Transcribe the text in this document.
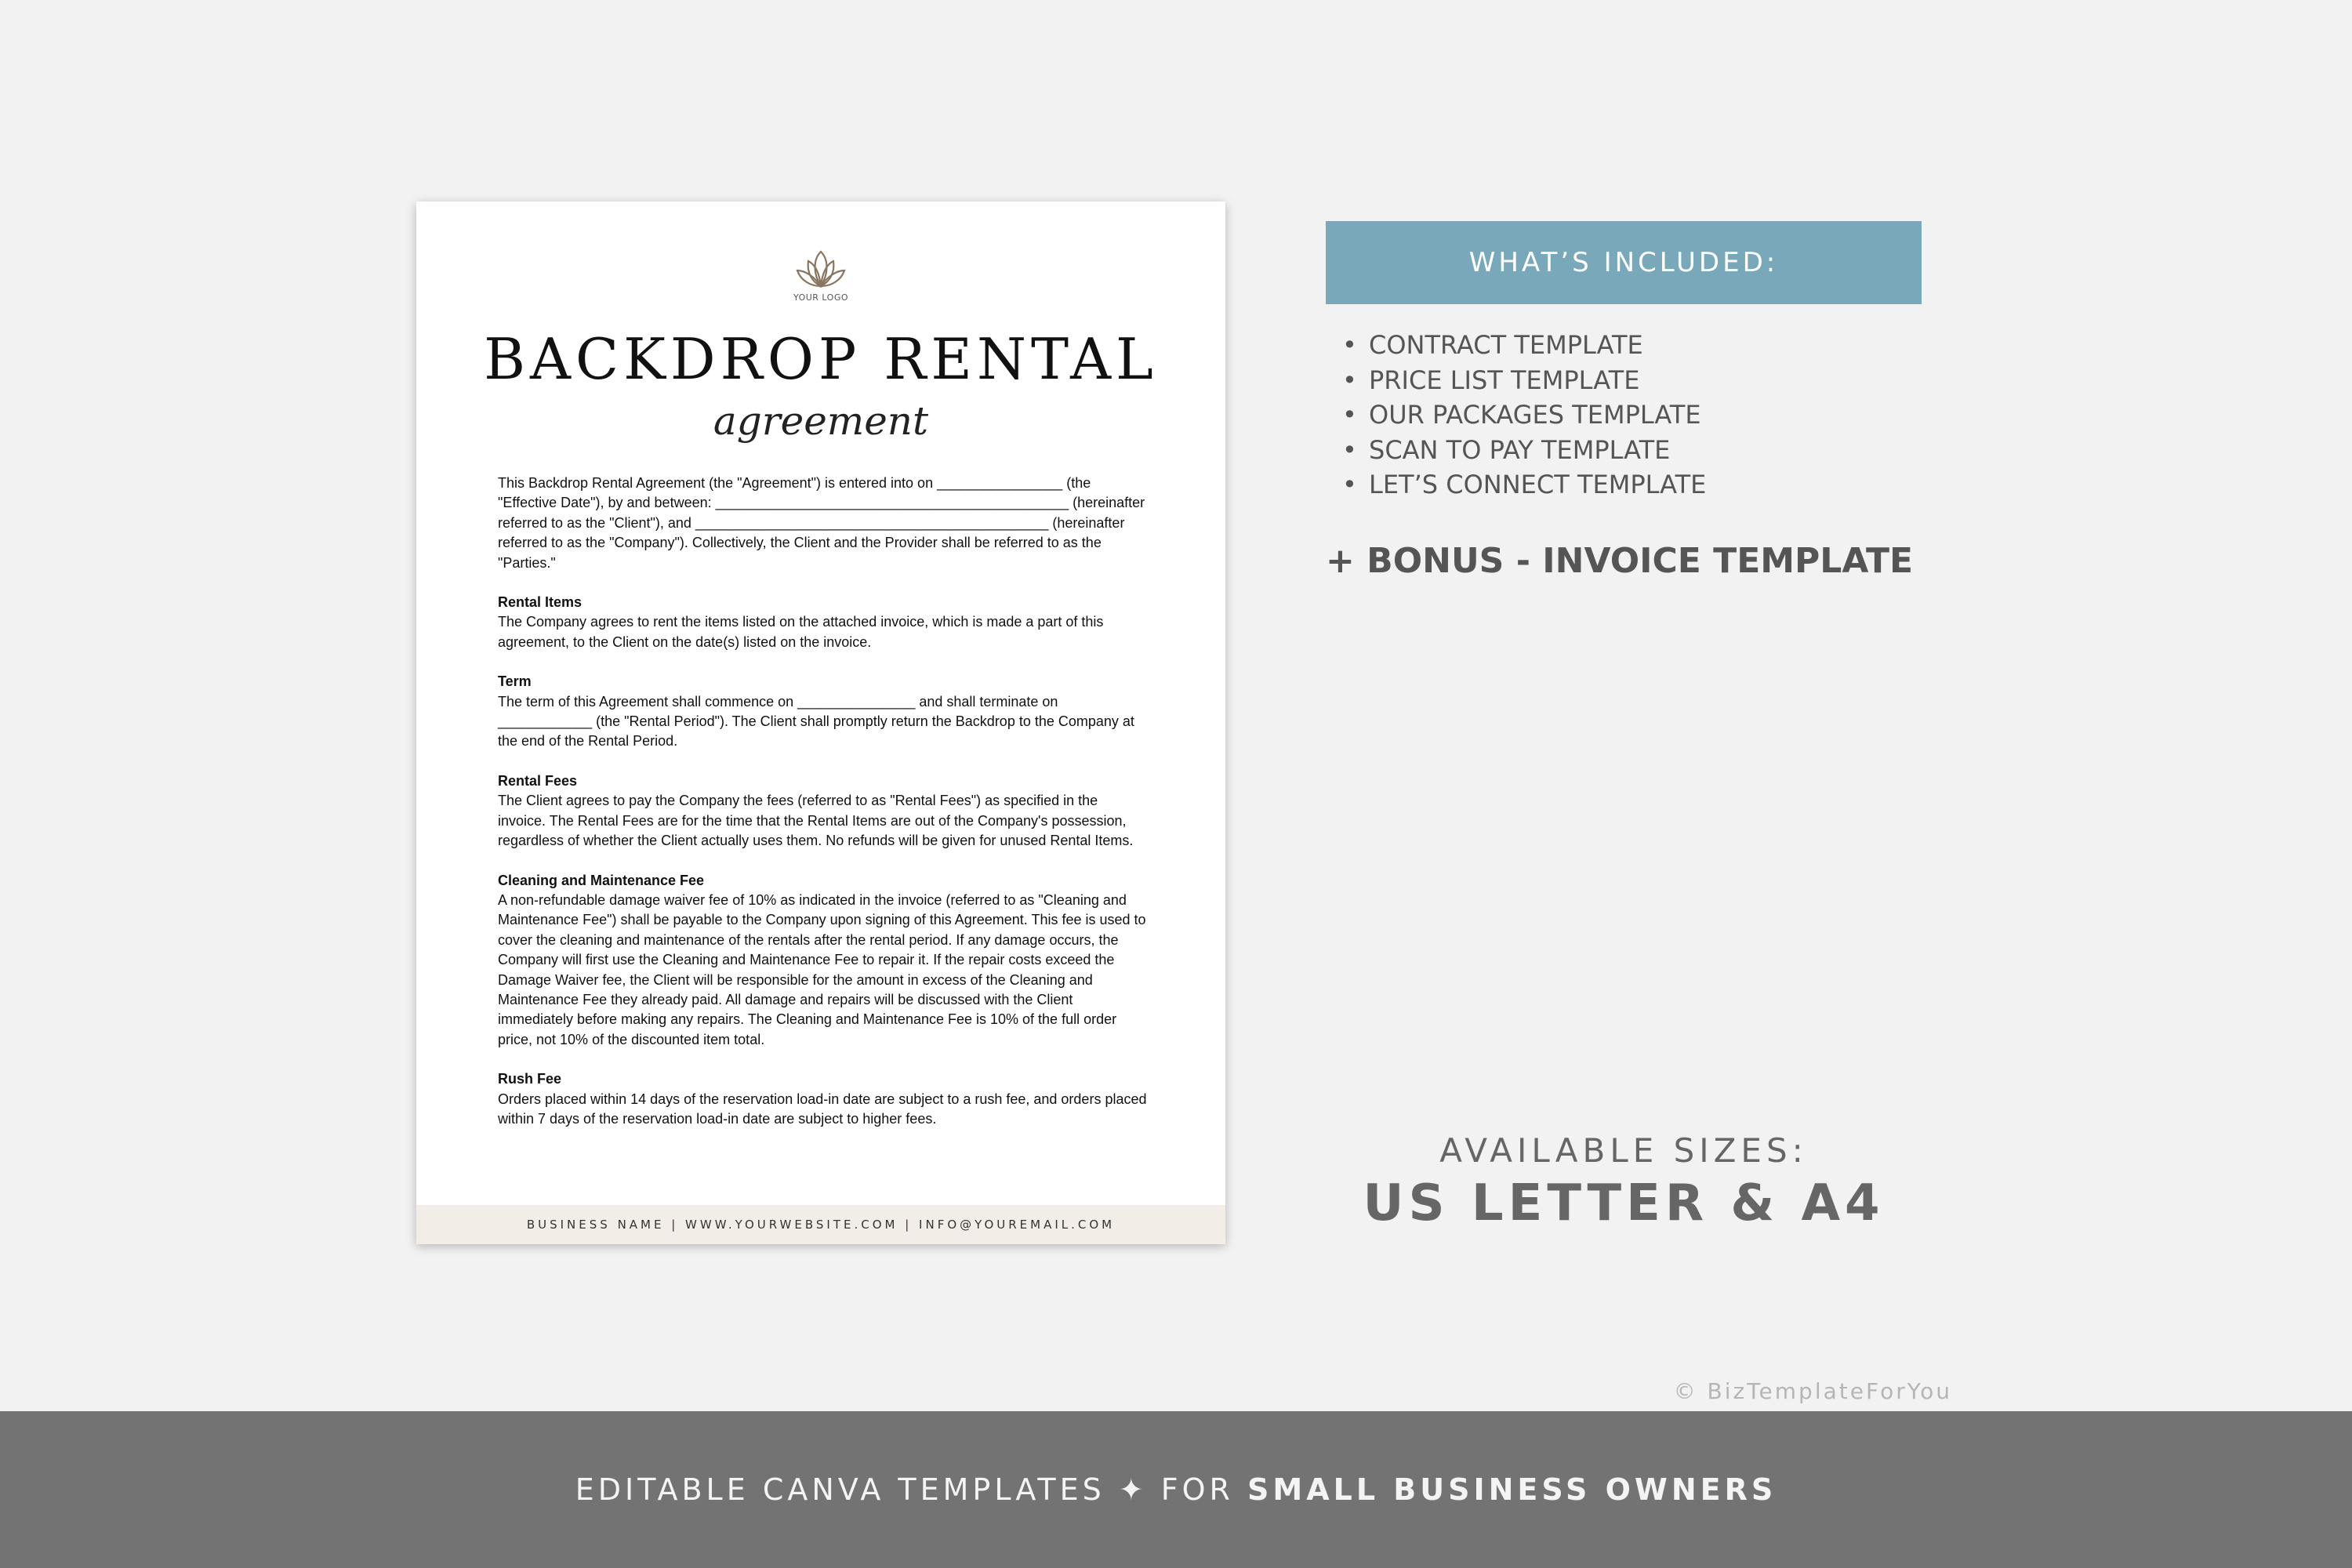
YOUR LOGO
BACKDROP RENTAL
agreement

This Backdrop Rental Agreement (the "Agreement") is entered into on ________________ (the "Effective Date"), by and between: _____________________________________________ (hereinafter referred to as the "Client"), and _____________________________________________ (hereinafter referred to as the "Company"). Collectively, the Client and the Provider shall be referred to as the "Parties."

Rental Items

The Company agrees to rent the items listed on the attached invoice, which is made a part of this agreement, to the Client on the date(s) listed on the invoice.

Term

The term of this Agreement shall commence on _______________ and shall terminate on ____________ (the "Rental Period"). The Client shall promptly return the Backdrop to the Company at the end of the Rental Period.

Rental Fees

The Client agrees to pay the Company the fees (referred to as "Rental Fees") as specified in the invoice. The Rental Fees are for the time that the Rental Items are out of the Company's possession, regardless of whether the Client actually uses them. No refunds will be given for unused Rental Items.

Cleaning and Maintenance Fee

A non-refundable damage waiver fee of 10% as indicated in the invoice (referred to as "Cleaning and Maintenance Fee") shall be payable to the Company upon signing of this Agreement. This fee is used to cover the cleaning and maintenance of the rentals after the rental period. If any damage occurs, the Company will first use the Cleaning and Maintenance Fee to repair it. If the repair costs exceed the Damage Waiver fee, the Client will be responsible for the amount in excess of the Cleaning and Maintenance Fee they already paid. All damage and repairs will be discussed with the Client immediately before making any repairs. The Cleaning and Maintenance Fee is 10% of the full order price, not 10% of the discounted item total.

Rush Fee

Orders placed within 14 days of the reservation load-in date are subject to a rush fee, and orders placed within 7 days of the reservation load-in date are subject to higher fees.

BUSINESS NAME | WWW.YOURWEBSITE.COM | INFO@YOUREMAIL.COM
WHAT’S INCLUDED:
• CONTRACT TEMPLATE
• PRICE LIST TEMPLATE
• OUR PACKAGES TEMPLATE
• SCAN TO PAY TEMPLATE
• LET’S CONNECT TEMPLATE
+ BONUS - INVOICE TEMPLATE
AVAILABLE SIZES:
US LETTER & A4
© BizTemplateForYou
EDITABLE CANVA TEMPLATES ✦ FOR SMALL BUSINESS OWNERS
